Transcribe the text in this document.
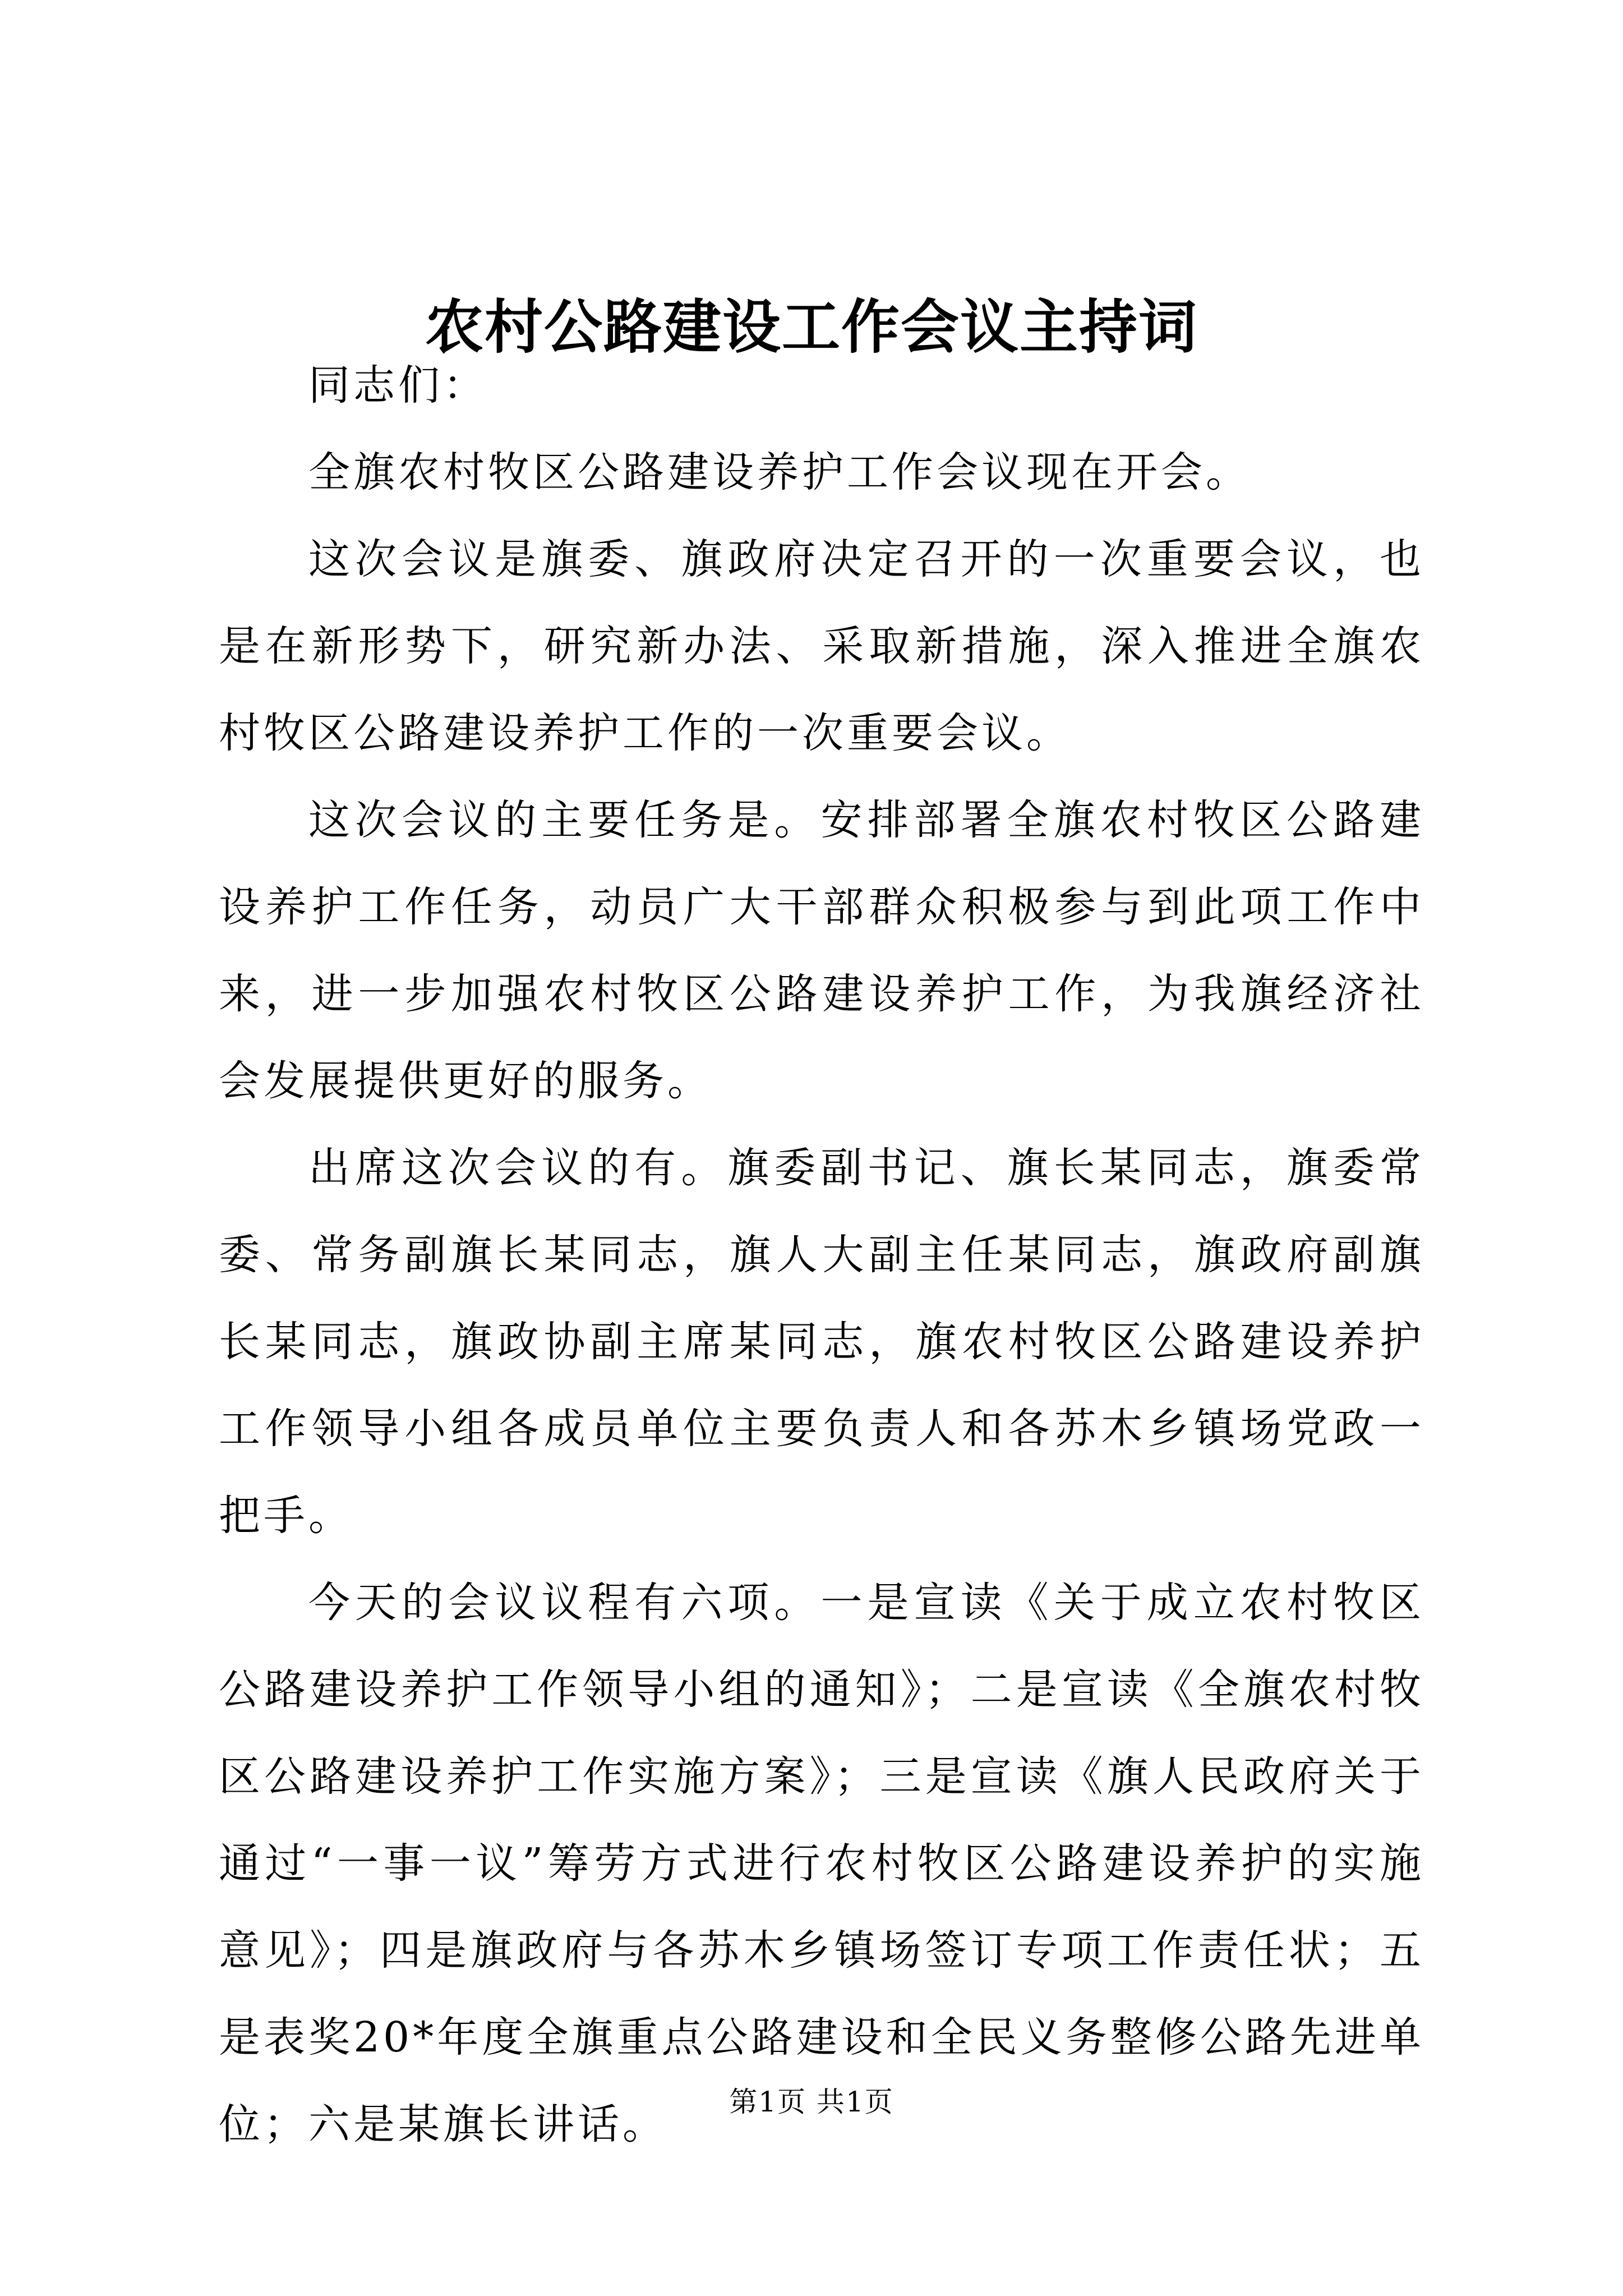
农村公路建设工作会议主持词

同志们：

全旗农村牧区公路建设养护工作会议现在开会。

这次会议是旗委、旗政府决定召开的一次重要会议，也是在新形势下，研究新办法、采取新措施，深入推进全旗农村牧区公路建设养护工作的一次重要会议。

这次会议的主要任务是。安排部署全旗农村牧区公路建设养护工作任务，动员广大干部群众积极参与到此项工作中来，进一步加强农村牧区公路建设养护工作，为我旗经济社会发展提供更好的服务。

出席这次会议的有。旗委副书记、旗长某同志，旗委常委、常务副旗长某同志，旗人大副主任某同志，旗政府副旗长某同志，旗政协副主席某同志，旗农村牧区公路建设养护工作领导小组各成员单位主要负责人和各苏木乡镇场党政一把手。

今天的会议议程有六项。一是宣读《关于成立农村牧区公路建设养护工作领导小组的通知》；二是宣读《全旗农村牧区公路建设养护工作实施方案》；三是宣读《旗人民政府关于通过“一事一议”筹劳方式进行农村牧区公路建设养护的实施意见》；四是旗政府与各苏木乡镇场签订专项工作责任状；五是表奖20*年度全旗重点公路建设和全民义务整修公路先进单位；六是某旗长讲话。	第1页 共1页
